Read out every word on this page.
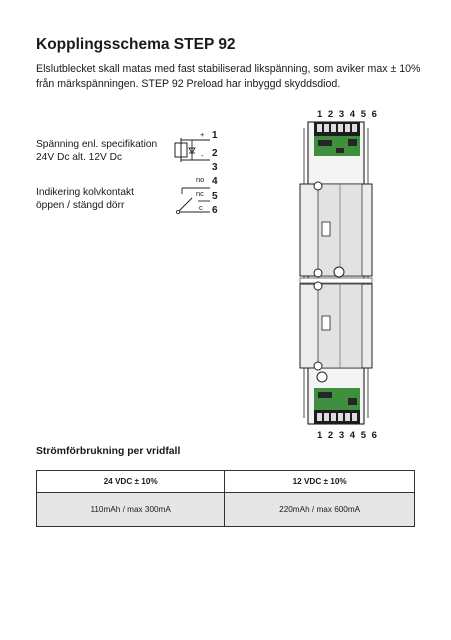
Kopplingsschema STEP 92
Elslutblecket skall matas med fast stabiliserad likspänning, som aviker max ± 10% från märkspänningen. STEP 92 Preload har inbyggd skyddsdiod.
Spänning enl. specifikation
24V Dc alt. 12V Dc
Indikering kolvkontakt
öppen / stängd dörr
+
-
no
nc
c
1
2
3
4
5
6
1 2 3 4 5 6
1 2 3 4 5 6
Strömförbrukning per vridfall
24 VDC ± 10%	12 VDC ± 10%
110mAh / max 300mA	220mAh / max 600mA
